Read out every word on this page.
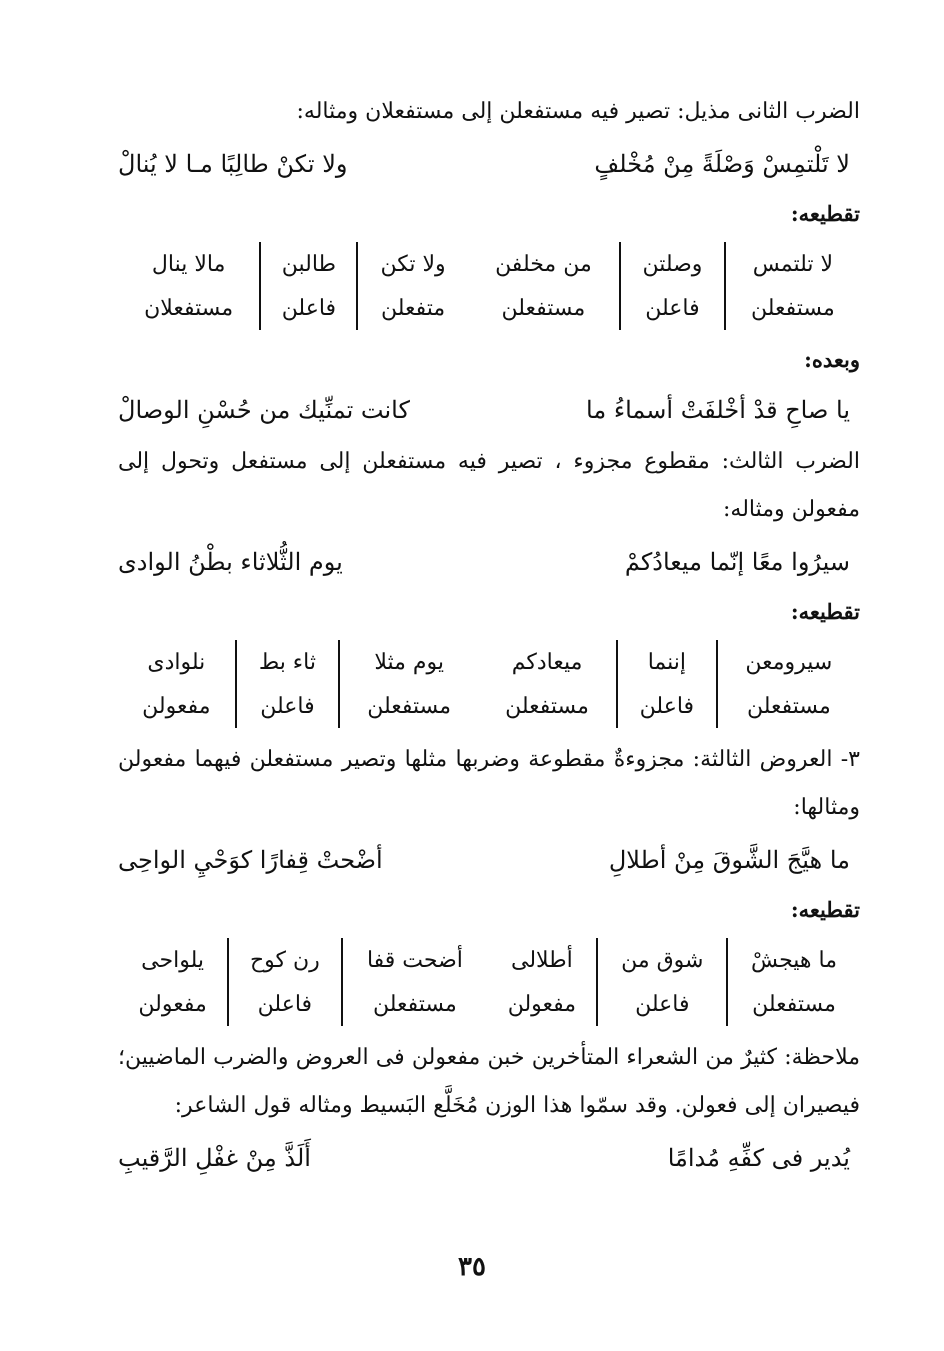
الضرب الثانى مذيل: تصير فيه مستفعلن إلى مستفعلان ومثاله:

لا تَلْتمِسْ وَصْلَةً مِنْ مُخْلفٍ
ولا تكنْ طالِبًا مـا لا يُنالْ

تقطيعه:

لا تلتمس	وصلتن	من مخلفن	ولا تكن	طالبن	مالا ينال
مستفعلن	فاعلن	مستفعلن	متفعلن	فاعلن	مستفعلان

وبعده:

يا صاحِ قدْ أخْلفَتْ أسماءُ ما
كانت تمنِّيك من حُسْنِ الوصالْ

الضرب الثالث: مقطوع مجزوء ، تصير فيه مستفعلن إلى مستفعل وتحول إلى مفعولن ومثاله:

سيرُوا معًا إنّما ميعادُكمْ
يوم الثُّلاثاء بطْنُ الوادى

تقطيعه:

سيرومعن	إننما	ميعادكم	يوم مثلا	ثاء بط	نلوادى
مستفعلن	فاعلن	مستفعلن	مستفعلن	فاعلن	مفعولن

٣- العروض الثالثة: مجزوءةٌ مقطوعة وضربها مثلها وتصير مستفعلن فيهما مفعولن ومثالها:

ما هيَّجَ الشَّوقَ مِنْ أطلالِ
أضْحتْ قِفارًا كوَحْيِ الواحِى

تقطيعه:

ما هيجشْ	شوق من	أطلالى	أضحت قفا	رن كوح	يلواحى
مستفعلن	فاعلن	مفعولن	مستفعلن	فاعلن	مفعولن

ملاحظة: كثيرٌ من الشعراء المتأخرين خبن مفعولن فى العروض والضرب الماضيين؛ فيصيران إلى فعولن. وقد سمّوا هذا الوزن مُخَلَّع البَسيط ومثاله قول الشاعر:

يُدير فى كفِّهِ مُدامًا
أَلَذَّ مِنْ غفْلِ الرَّقيبِ
٣٥
